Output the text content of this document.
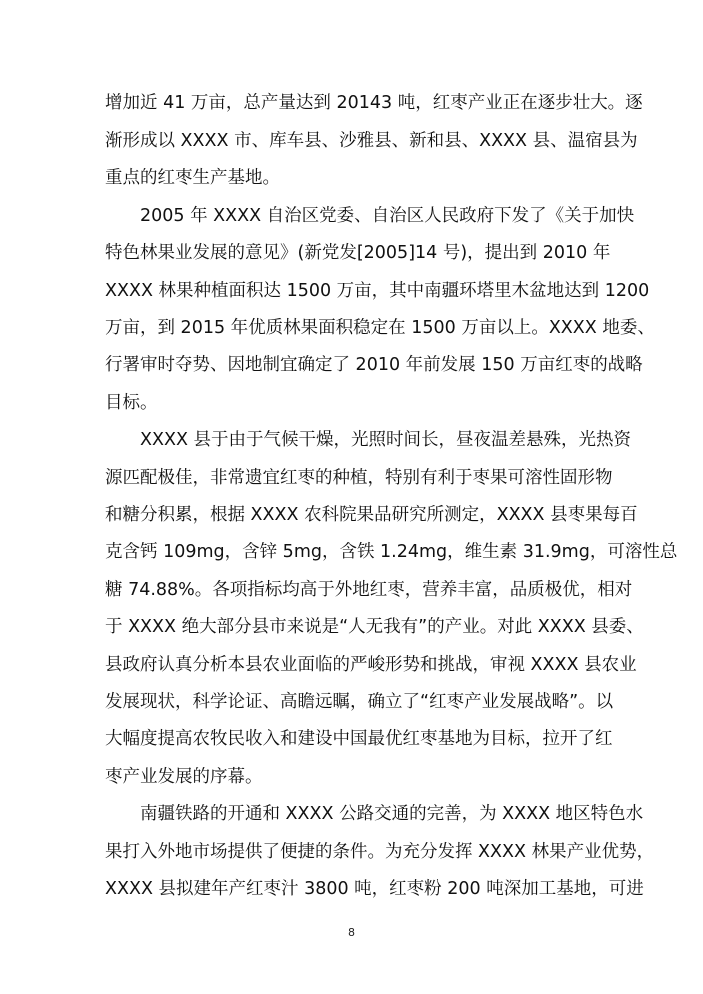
增加近 41 万亩，总产量达到 20143 吨，红枣产业正在逐步壮大。逐
渐形成以 XXXX 市、库车县、沙雅县、新和县、XXXX 县、温宿县为
重点的红枣生产基地。
2005 年 XXXX 自治区党委、自治区人民政府下发了《关于加快
特色林果业发展的意见》(新党发[2005]14 号)，提出到 2010 年
XXXX 林果种植面积达 1500 万亩，其中南疆环塔里木盆地达到 1200
万亩，到 2015 年优质林果面积稳定在 1500 万亩以上。XXXX 地委、
行署审时夺势、因地制宜确定了 2010 年前发展 150 万亩红枣的战略
目标。
XXXX 县于由于气候干燥，光照时间长，昼夜温差悬殊，光热资
源匹配极佳，非常遗宜红枣的种植，特别有利于枣果可溶性固形物
和糖分积累，根据 XXXX 农科院果品研究所测定，XXXX 县枣果每百
克含钙 109mg，含锌 5mg，含铁 1.24mg，维生素 31.9mg，可溶性总
糖 74.88%。各项指标均高于外地红枣，营养丰富，品质极优，相对
于 XXXX 绝大部分县市来说是“人无我有”的产业。对此 XXXX 县委、
县政府认真分析本县农业面临的严峻形势和挑战，审视 XXXX 县农业
发展现状，科学论证、高瞻远瞩，确立了“红枣产业发展战略”。以
大幅度提高农牧民收入和建设中国最优红枣基地为目标，拉开了红
枣产业发展的序幕。
南疆铁路的开通和 XXXX 公路交通的完善，为 XXXX 地区特色水
果打入外地市场提供了便捷的条件。为充分发挥 XXXX 林果产业优势，
XXXX 县拟建年产红枣汁 3800 吨，红枣粉 200 吨深加工基地，可进
8
